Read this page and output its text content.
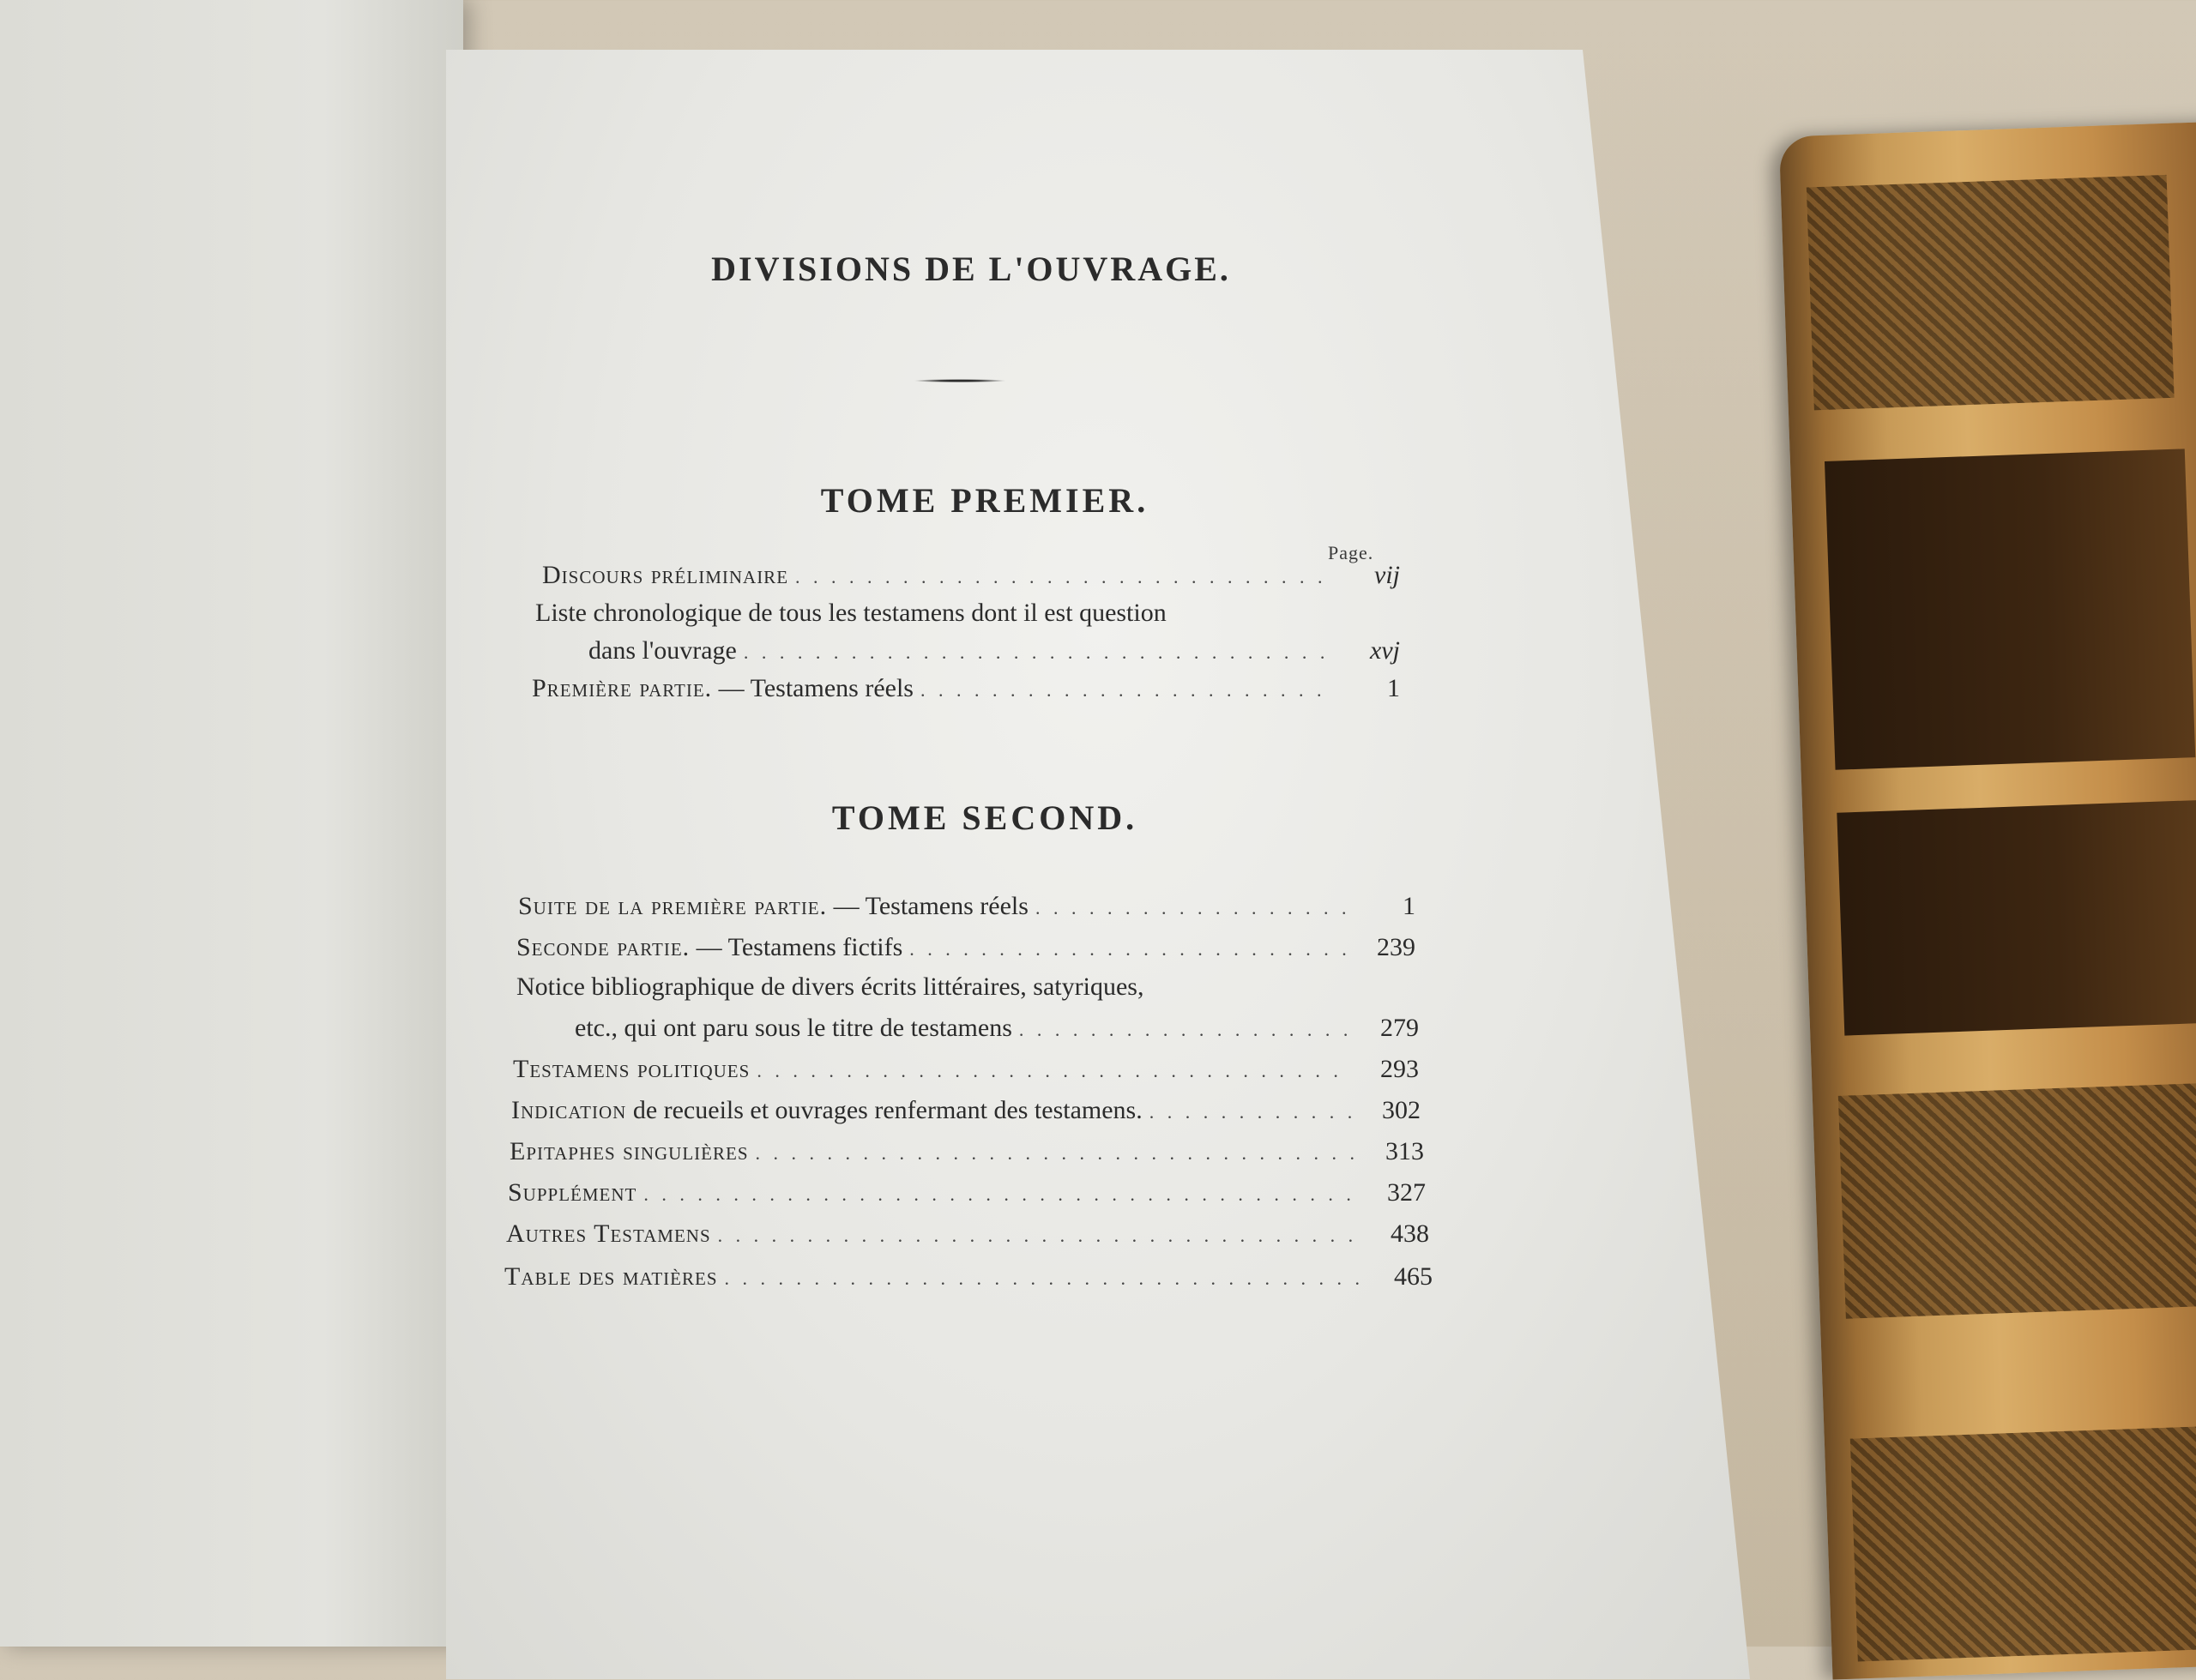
DIVISIONS DE L'OUVRAGE.
TOME PREMIER.
Page.
Discours préliminaire . . .	vij
Liste chronologique de tous les testamens dont il est question
dans l'ouvrage . . .	xvj
Première partie. — Testamens réels . . .	1
TOME SECOND.
Suite de la première partie. — Testamens réels . . .	1
Seconde partie. — Testamens fictifs . . .	239
Notice bibliographique de divers écrits littéraires, satyriques,
etc., qui ont paru sous le titre de testamens . . .	279
Testamens politiques . . .	293
Indication de recueils et ouvrages renfermant des testamens. . . .	302
Epitaphes singulières . . .	313
Supplément . . .	327
Autres Testamens . . .	438
Table des matières . . .	465
